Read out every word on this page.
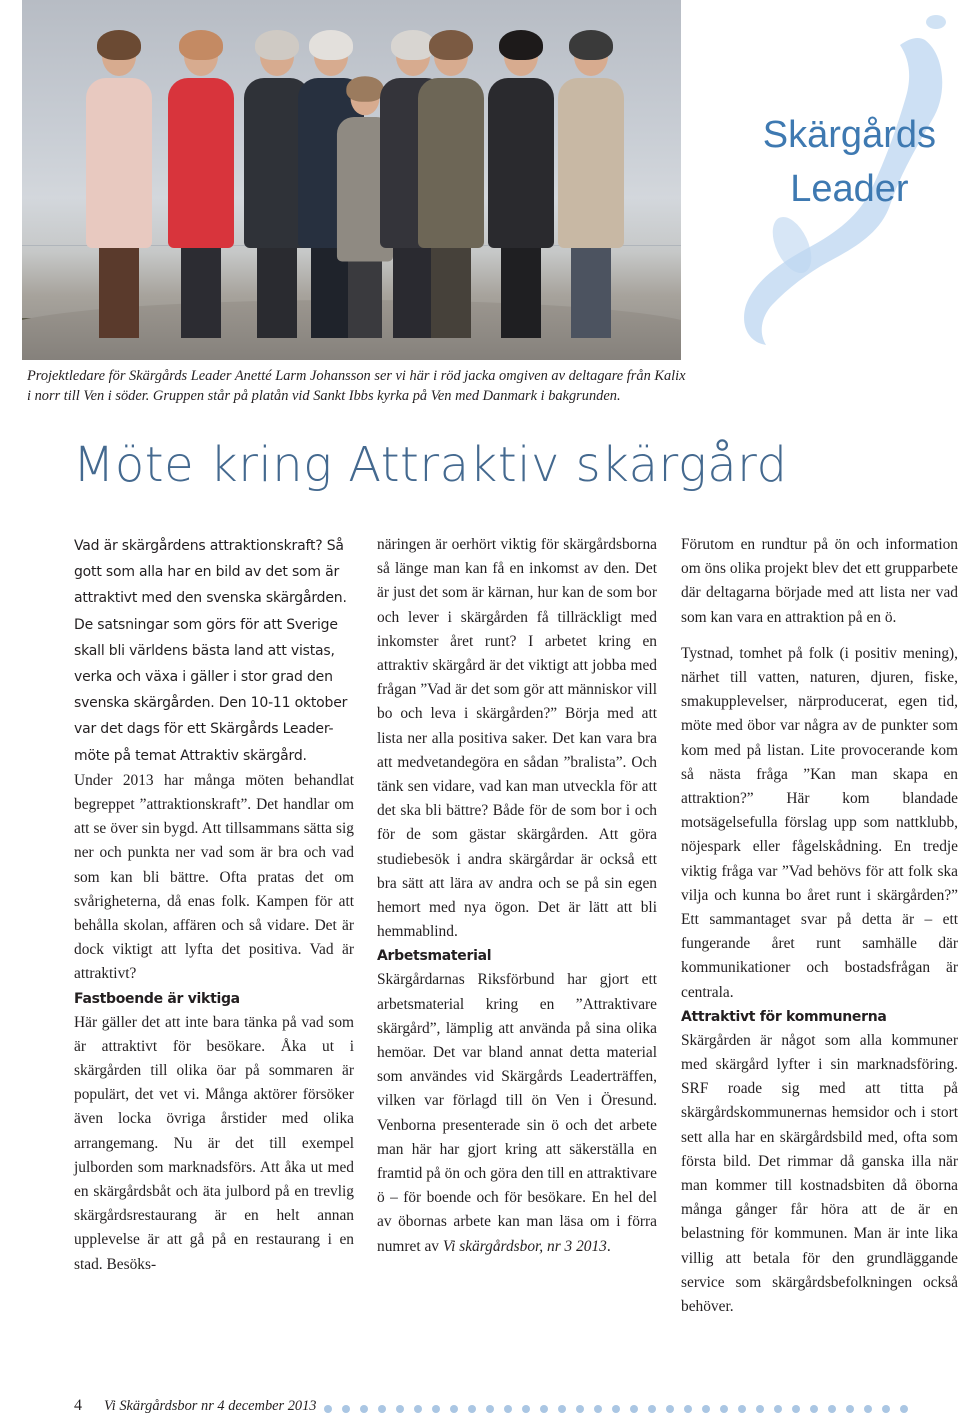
Skärgårds
Leader
Projektledare för Skärgårds Leader Anetté Larm Johansson ser vi här i röd jacka omgiven av deltagare från Kalix i norr till Ven i söder. Gruppen står på platån vid Sankt Ibbs kyrka på Ven med Danmark i bakgrunden.
Möte kring Attraktiv skärgård

Vad är skärgårdens attraktionskraft? Så gott som alla har en bild av det som är attraktivt med den svenska skärgården. De satsningar som görs för att Sverige skall bli världens bästa land att vistas, verka och växa i gäller i stor grad den svenska skärgården. Den 10-11 oktober var det dags för ett Skärgårds Leader-möte på temat Attraktiv skärgård.

Under 2013 har många möten behandlat begreppet ”attraktionskraft”. Det handlar om att se över sin bygd. Att tillsammans sätta sig ner och punkta ner vad som är bra och vad som kan bli bättre. Ofta pratas det om svårigheterna, då enas folk. Kampen för att behålla skolan, affären och så vidare. Det är dock viktigt att lyfta det positiva. Vad är attraktivt?

Fastboende är viktiga

Här gäller det att inte bara tänka på vad som är attraktivt för besökare. Åka ut i skärgården till olika öar på sommaren är populärt, det vet vi. Många aktörer försöker även locka övriga årstider med olika arrangemang. Nu är det till exempel julborden som marknadsförs. Att åka ut med en skärgårdsbåt och äta julbord på en trevlig skärgårdsrestaurang är en helt annan upplevelse är att gå på en restaurang i en stad. Besöks-

näringen är oerhört viktig för skärgårdsborna så länge man kan få en inkomst av den. Det är just det som är kärnan, hur kan de som bor och lever i skärgården få tillräckligt med inkomster året runt? I arbetet kring en attraktiv skärgård är det viktigt att jobba med frågan ”Vad är det som gör att människor vill bo och leva i skärgården?” Börja med att lista ner alla positiva saker. Det kan vara bra att medvetandegöra en sådan ”bralista”. Och tänk sen vidare, vad kan man utveckla för att det ska bli bättre? Både för de som bor i och för de som gästar skärgården. Att göra studiebesök i andra skärgårdar är också ett bra sätt att lära av andra och se på sin egen hemort med nya ögon. Det är lätt att bli hemmablind.

Arbetsmaterial

Skärgårdarnas Riksförbund har gjort ett arbetsmaterial kring en ”Attraktivare skärgård”, lämplig att använda på sina olika hemöar. Det var bland annat detta material som användes vid Skärgårds Leaderträffen, vilken var förlagd till ön Ven i Öresund. Venborna presenterade sin ö och det arbete man här har gjort kring att säkerställa en framtid på ön och göra den till en attraktivare ö – för boende och för besökare. En hel del av öbornas arbete kan man läsa om i förra numret av Vi skärgårdsbor, nr 3 2013.

Förutom en rundtur på ön och information om öns olika projekt blev det ett grupparbete där deltagarna började med att lista ner vad som kan vara en attraktion på en ö.

Tystnad, tomhet på folk (i positiv mening), närhet till vatten, naturen, djuren, fiske, smakupplevelser, närproducerat, egen tid, möte med öbor var några av de punkter som kom med på listan. Lite provocerande kom så nästa fråga ”Kan man skapa en attraktion?” Här kom blandade motsägelsefulla förslag upp som nattklubb, nöjespark eller fågelskådning. En tredje viktig fråga var ”Vad behövs för att folk ska vilja och kunna bo året runt i skärgården?” Ett sammantaget svar på detta är – ett fungerande året runt samhälle där kommunikationer och bostadsfrågan är centrala.

Attraktivt för kommunerna

Skärgården är något som alla kommuner med skärgård lyfter i sin marknadsföring. SRF roade sig med att titta på skärgårdskommunernas hemsidor och i stort sett alla har en skärgårdsbild med, ofta som första bild. Det rimmar då ganska illa när man kommer till kostnadsbiten då öborna många gånger får höra att de är en belastning för kommunen. Man är inte lika villig att betala för den grundläggande service som skärgårdsbefolkningen också behöver.

4 Vi Skärgårdsbor nr 4 december 2013
